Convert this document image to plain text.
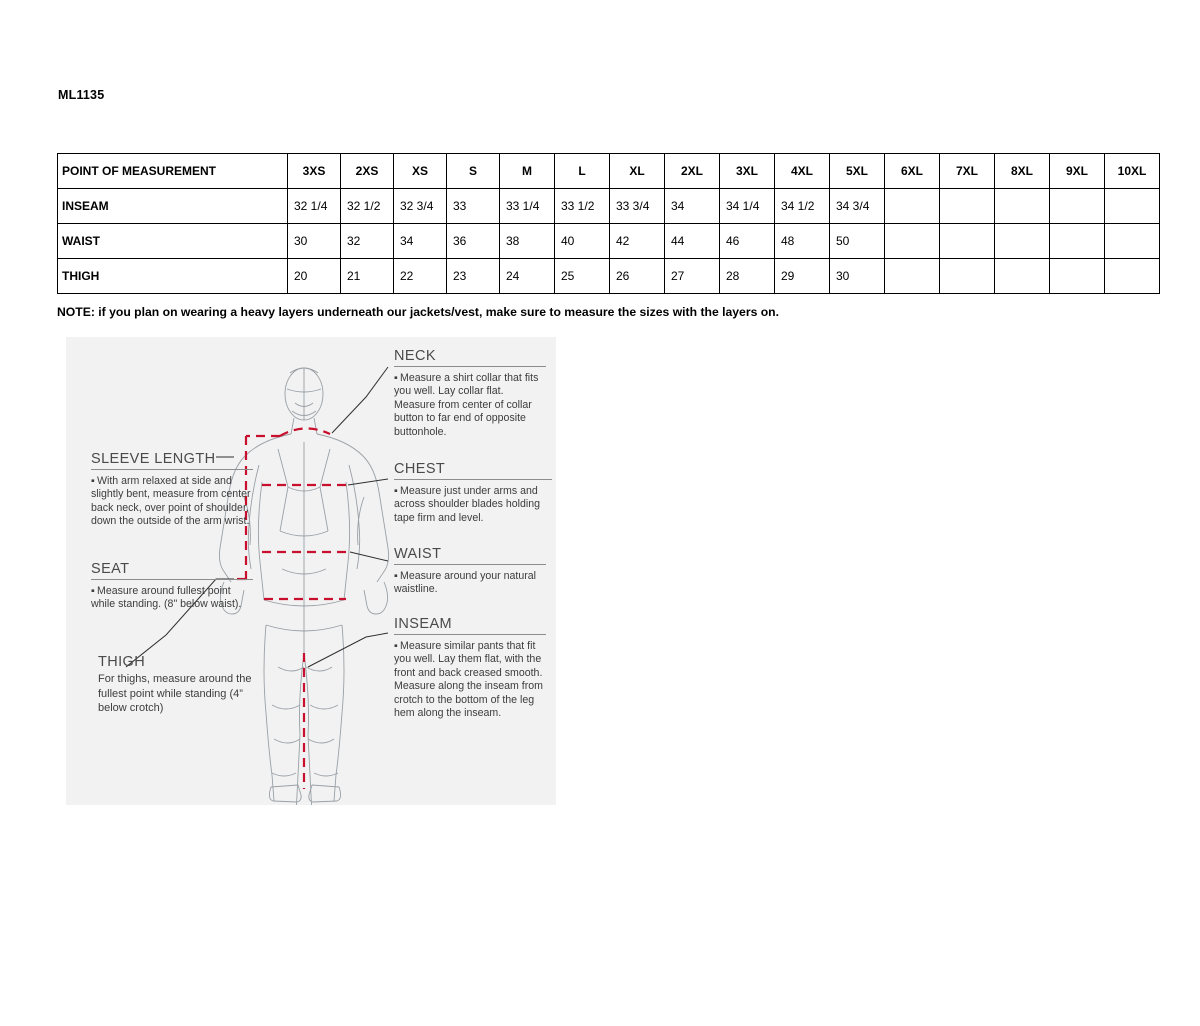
ML1135
POINT OF MEASUREMENT	3XS	2XS	XS	S	M	L	XL	2XL	3XL	4XL	5XL	6XL	7XL	8XL	9XL	10XL
INSEAM	32 1/4	32 1/2	32 3/4	33	33 1/4	33 1/2	33 3/4	34	34 1/4	34 1/2	34 3/4					
WAIST	30	32	34	36	38	40	42	44	46	48	50					
THIGH	20	21	22	23	24	25	26	27	28	29	30					
NOTE: if you plan on wearing a heavy layers underneath our jackets/vest, make sure to measure the sizes with the layers on.
NECK
▪ Measure a shirt collar that fits you well. Lay collar flat. Measure from center of collar button to far end of opposite buttonhole.
CHEST
▪ Measure just under arms and across shoulder blades holding tape firm and level.
WAIST
▪ Measure around your natural waistline.
INSEAM
▪ Measure similar pants that fit you well. Lay them flat, with the front and back creased smooth. Measure along the inseam from crotch to the bottom of the leg hem along the inseam.
SLEEVE LENGTH
▪ With arm relaxed at side and slightly bent, measure from center back neck, over point of shoulder, down the outside of the arm wrist.
SEAT
▪ Measure around fullest point while standing. (8" below waist).
THIGH
For thighs, measure around the fullest point while standing (4” below crotch)
